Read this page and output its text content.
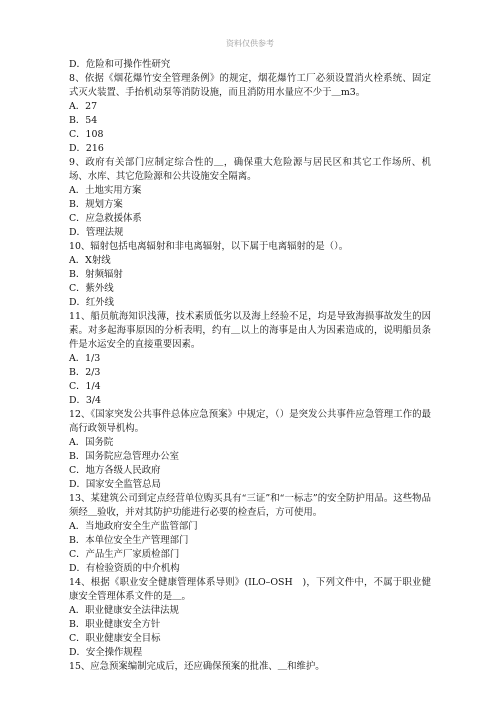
资料仅供参考
D．危险和可操作性研究
8、依据《烟花爆竹安全管理条例》的规定，烟花爆竹工厂必须设置消火栓系统、固定式灭火装置、手抬机动泵等消防设施，而且消防用水量应不少于＿m3。
A．27
B．54
C．108
D．216
9、政府有关部门应制定综合性的＿，确保重大危险源与居民区和其它工作场所、机场、水库、其它危险源和公共设施安全隔离。
A．土地实用方案
B．规划方案
C．应急救援体系
D．管理法规
10、辐射包括电离辐射和非电离辐射，以下属于电离辐射的是（）。
A．X射线
B．射频辐射
C．紫外线
D．红外线
11、船员航海知识浅薄，技术素质低劣以及海上经验不足，均是导致海损事故发生的因素。对多起海事原因的分析表明，约有＿以上的海事是由人为因素造成的，说明船员条件是水运安全的直接重要因素。
A．1/3
B．2/3
C．1/4
D．3/4
12、《国家突发公共事件总体应急预案》中规定，（）是突发公共事件应急管理工作的最高行政领导机构。
A．国务院
B．国务院应急管理办公室
C．地方各级人民政府
D．国家安全监管总局
13、某建筑公司到定点经营单位购买具有“三证”和“一标志”的安全防护用品。这些物品须经＿验收，并对其防护功能进行必要的检查后，方可使用。
A．当地政府安全生产监管部门
B．本单位安全生产管理部门
C．产品生产厂家质检部门
D．有检验资质的中介机构
14、根据《职业安全健康管理体系导则》(ILO–OSH　)，下列文件中，不属于职业健康安全管理体系文件的是＿。
A．职业健康安全法律法规
B．职业健康安全方针
C．职业健康安全目标
D．安全操作规程
15、应急预案编制完成后，还应确保预案的批准、＿和维护。
